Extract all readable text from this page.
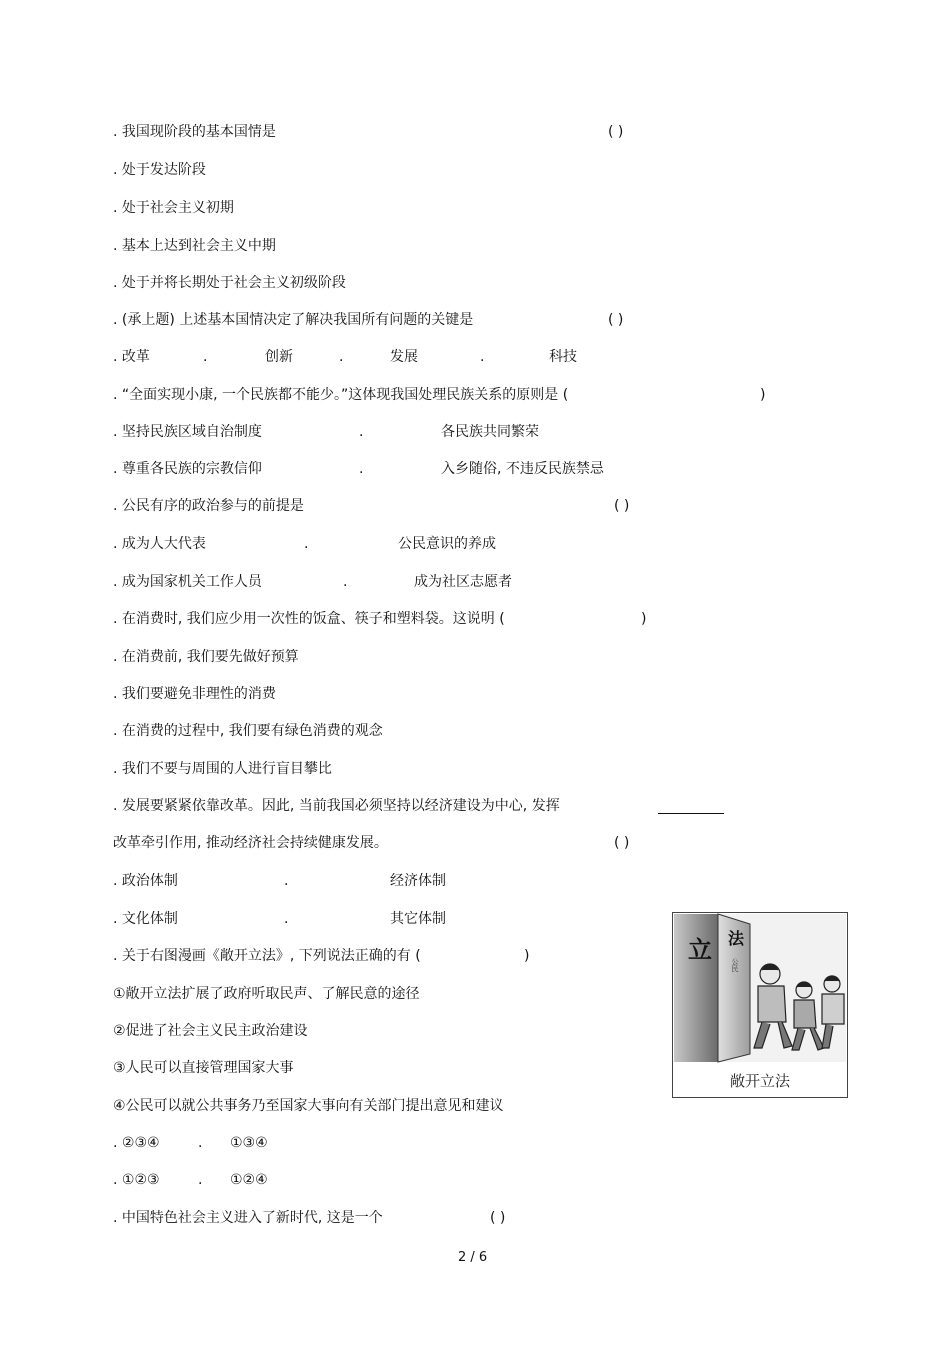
. 我国现阶段的基本国情是	( )
. 处于发达阶段
. 处于社会主义初期
. 基本上达到社会主义中期
. 处于并将长期处于社会主义初级阶段
. (承上题) 上述基本国情决定了解决我国所有问题的关键是	( )
. 改革	.	创新	.	发展	.	科技
. “全面实现小康, 一个民族都不能少。”这体现我国处理民族关系的原则是 (	)
. 坚持民族区域自治制度	.	各民族共同繁荣
. 尊重各民族的宗教信仰	.	入乡随俗, 不违反民族禁忌
. 公民有序的政治参与的前提是	( )
. 成为人大代表	.	公民意识的养成
. 成为国家机关工作人员	.	成为社区志愿者
. 在消费时, 我们应少用一次性的饭盒、筷子和塑料袋。这说明 (	)
. 在消费前, 我们要先做好预算
. 我们要避免非理性的消费
. 在消费的过程中, 我们要有绿色消费的观念
. 我们不要与周围的人进行盲目攀比
. 发展要紧紧依靠改革。因此, 当前我国必须坚持以经济建设为中心, 发挥
改革牵引作用, 推动经济社会持续健康发展。	( )
. 政治体制	.	经济体制
. 文化体制	.	其它体制
. 关于右图漫画《敞开立法》, 下列说法正确的有 (	)
①敞开立法扩展了政府听取民声、了解民意的途径
②促进了社会主义民主政治建设
③人民可以直接管理国家大事
④公民可以就公共事务乃至国家大事向有关部门提出意见和建议
. ②③④	. ①③④
. ①②③	. ①②④
. 中国特色社会主义进入了新时代, 这是一个	( )
立 法
公民
敞开立法
2 / 6
